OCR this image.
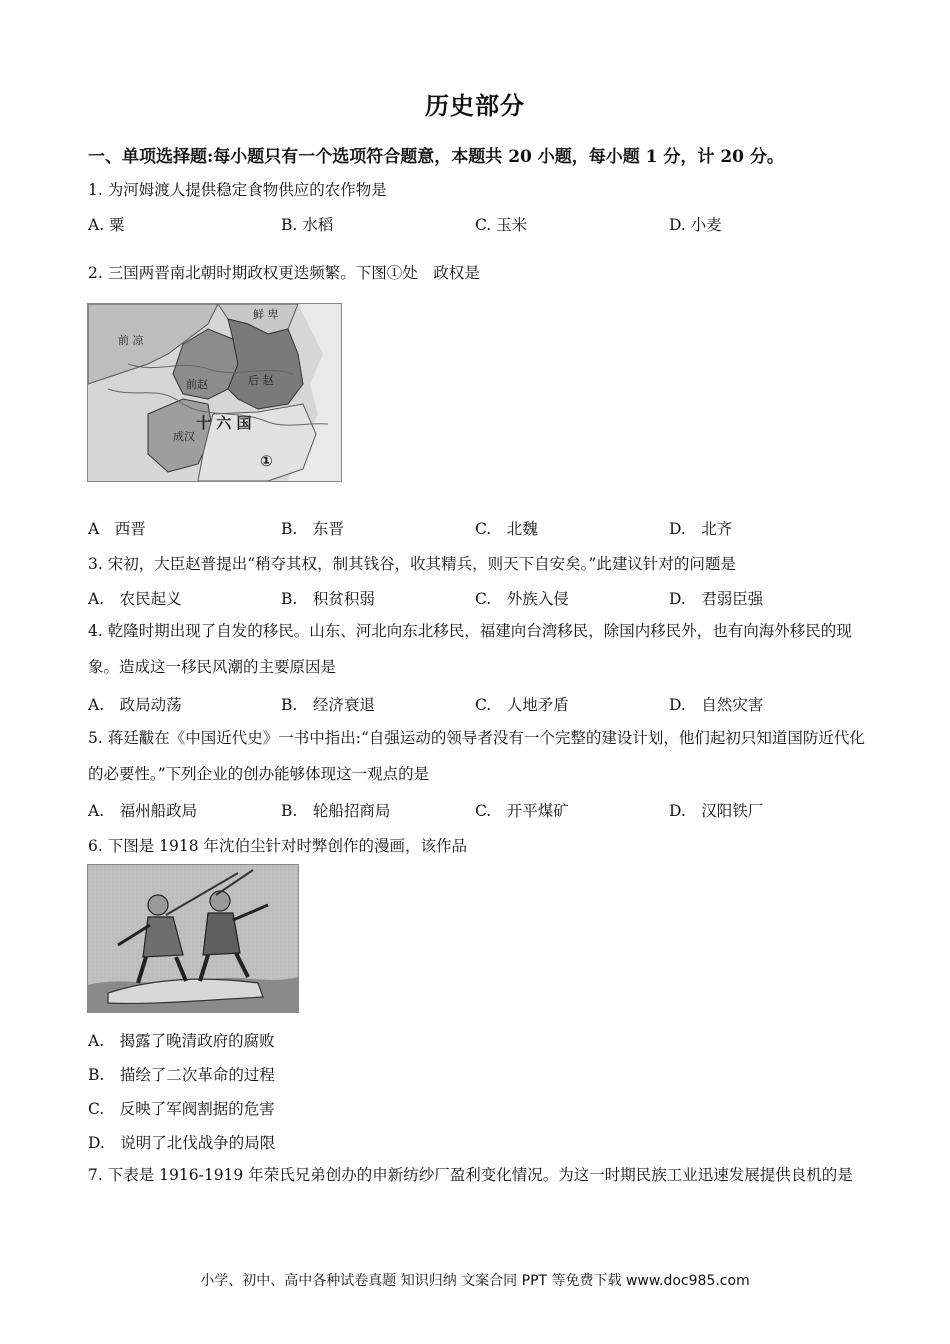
历史部分
一、单项选择题:每小题只有一个选项符合题意，本题共 20 小题，每小题 1 分，计 20 分。
1. 为河姆渡人提供稳定食物供应的农作物是
A. 粟	B. 水稻	C. 玉米	D. 小麦
2. 三国两晋南北朝时期政权更迭频繁。下图①处　政权是
鲜 卑
前 凉
前赵	后 赵
十 六 国
成汉
①
A　西晋	B.　东晋	C.　北魏	D.　北齐
3. 宋初，大臣赵普提出“稍夺其权，制其钱谷，收其精兵，则天下自安矣。”此建议针对的问题是
A.　农民起义	B.　积贫积弱	C.　外族入侵	D.　君弱臣强
4. 乾隆时期出现了自发的移民。山东、河北向东北移民，福建向台湾移民，除国内移民外，也有向海外移民的现象。造成这一移民风潮的主要原因是
A.　政局动荡	B.　经济衰退	C.　人地矛盾	D.　自然灾害
5. 蒋廷黻在《中国近代史》一书中指出:“自强运动的领导者没有一个完整的建设计划，他们起初只知道国防近代化的必要性。”下列企业的创办能够体现这一观点的是
A.　福州船政局	B.　轮船招商局	C.　开平煤矿	D.　汉阳铁厂
6. 下图是 1918 年沈伯尘针对时弊创作的漫画，该作品
A.　揭露了晚清政府的腐败
B.　描绘了二次革命的过程
C.　反映了军阀割据的危害
D.　说明了北伐战争的局限
7. 下表是 1916-1919 年荣氏兄弟创办的申新纺纱厂盈利变化情况。为这一时期民族工业迅速发展提供良机的是
小学、初中、高中各种试卷真题 知识归纳 文案合同 PPT 等免费下载 www.doc985.com
